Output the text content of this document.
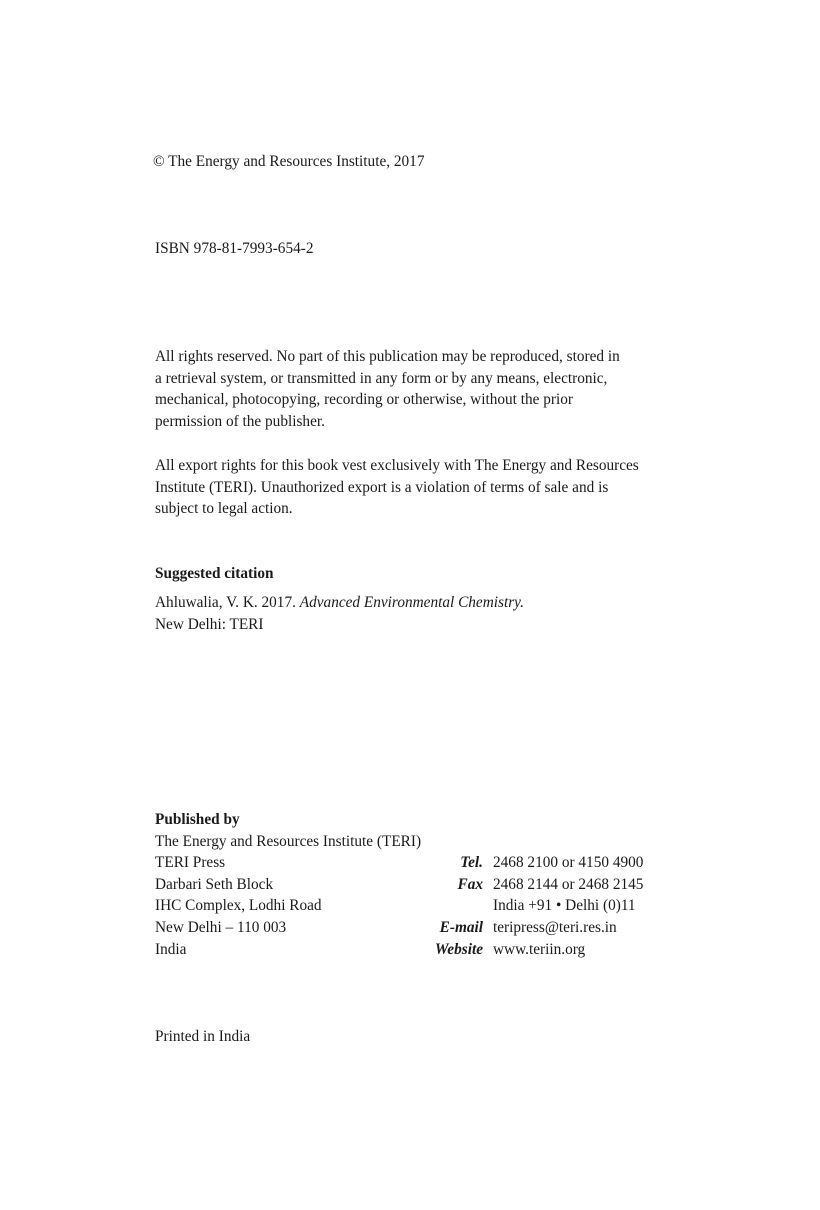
© The Energy and Resources Institute, 2017
ISBN 978-81-7993-654-2
All rights reserved. No part of this publication may be reproduced, stored in
a retrieval system, or transmitted in any form or by any means, electronic,
mechanical, photocopying, recording or otherwise, without the prior
permission of the publisher.
All export rights for this book vest exclusively with The Energy and Resources
Institute (TERI). Unauthorized export is a violation of terms of sale and is
subject to legal action.
Suggested citation
Ahluwalia, V. K. 2017. Advanced Environmental Chemistry.
New Delhi: TERI
Published by
The Energy and Resources Institute (TERI)
TERI Press	Tel. 2468 2100 or 4150 4900
Darbari Seth Block	Fax 2468 2144 or 2468 2145
IHC Complex, Lodhi Road	India +91 • Delhi (0)11
New Delhi – 110 003	E-mail teripress@teri.res.in
India	Website www.teriin.org
Printed in India
